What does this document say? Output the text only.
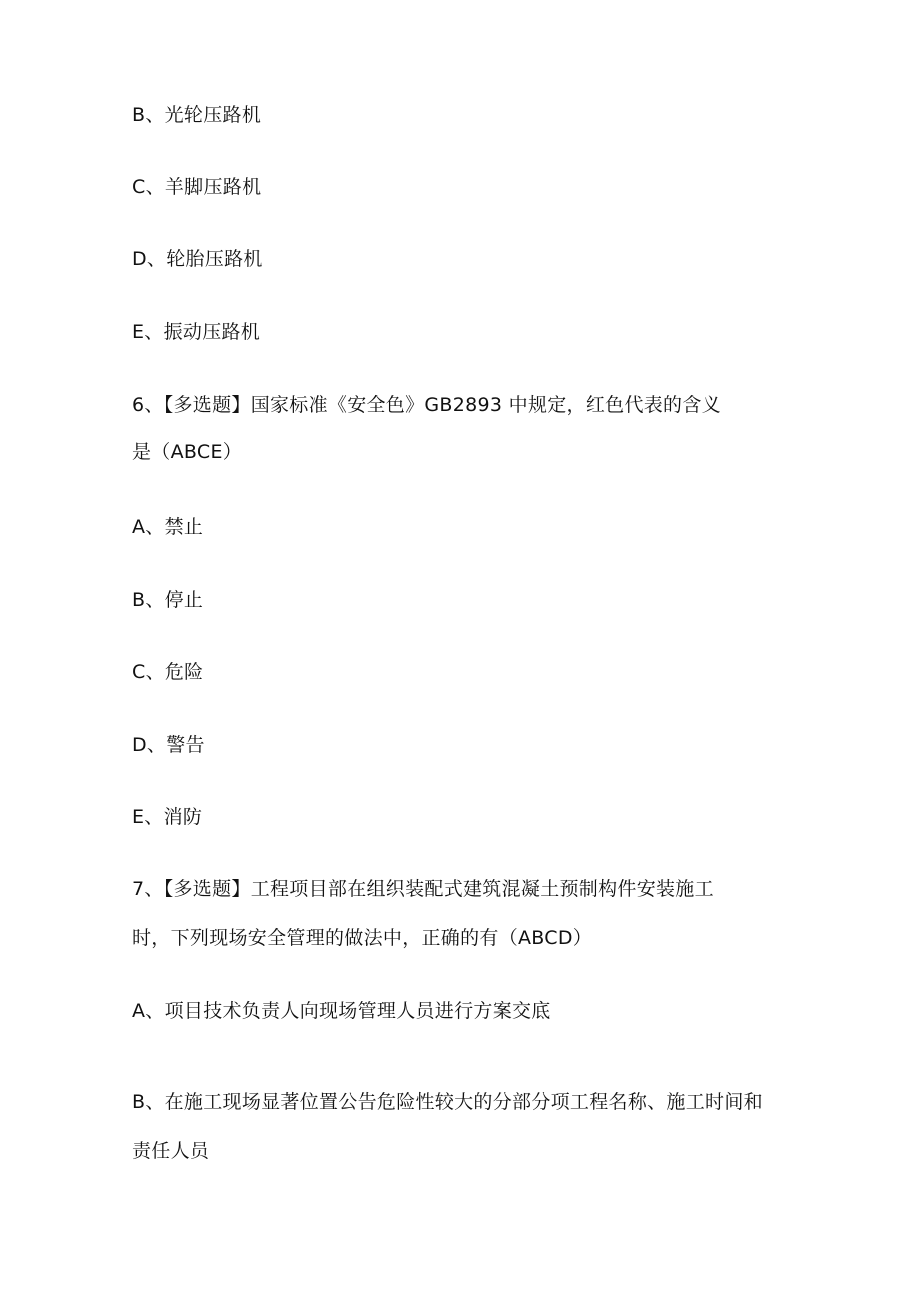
B、光轮压路机
C、羊脚压路机
D、轮胎压路机
E、振动压路机
6、【多选题】国家标准《安全色》GB2893 中规定，红色代表的含义
是（ABCE）
A、禁止
B、停止
C、危险
D、警告
E、消防
7、【多选题】工程项目部在组织装配式建筑混凝土预制构件安装施工
时，下列现场安全管理的做法中，正确的有（ABCD）
A、项目技术负责人向现场管理人员进行方案交底
B、在施工现场显著位置公告危险性较大的分部分项工程名称、施工时间和
责任人员
